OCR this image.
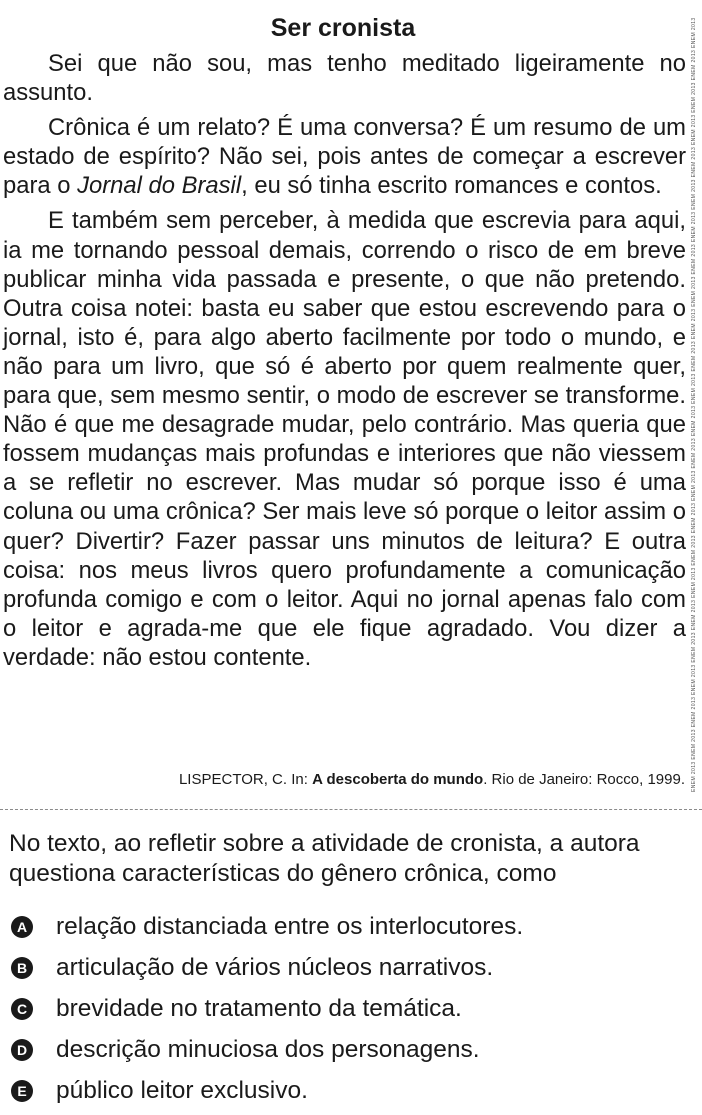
Ser cronista

Sei que não sou, mas tenho meditado ligeiramente no assunto.

Crônica é um relato? É uma conversa? É um resumo de um estado de espírito? Não sei, pois antes de começar a escrever para o Jornal do Brasil, eu só tinha escrito romances e contos.

E também sem perceber, à medida que escrevia para aqui, ia me tornando pessoal demais, correndo o risco de em breve publicar minha vida passada e presente, o que não pretendo. Outra coisa notei: basta eu saber que estou escrevendo para o jornal, isto é, para algo aberto facilmente por todo o mundo, e não para um livro, que só é aberto por quem realmente quer, para que, sem mesmo sentir, o modo de escrever se transforme. Não é que me desagrade mudar, pelo contrário. Mas queria que fossem mudanças mais profundas e interiores que não viessem a se refletir no escrever. Mas mudar só porque isso é uma coluna ou uma crônica? Ser mais leve só porque o leitor assim o quer? Divertir? Fazer passar uns minutos de leitura? E outra coisa: nos meus livros quero profundamente a comunicação profunda comigo e com o leitor. Aqui no jornal apenas falo com o leitor e agrada-me que ele fique agradado. Vou dizer a verdade: não estou contente.

LISPECTOR, C. In: A descoberta do mundo. Rio de Janeiro: Rocco, 1999. ENEM 2013 ENEM 2013 ENEM 2013 ENEM 2013 ENEM 2013 ENEM 2013 ENEM 2013 ENEM 2013 ENEM 2013 ENEM 2013 ENEM 2013 ENEM 2013 ENEM 2013 ENEM 2013 ENEM 2013 ENEM 2013 ENEM 2013 ENEM 2013 ENEM 2013 ENEM 2013 ENEM 2013 ENEM 2013 ENEM 2013 ENEM 2013
No texto, ao refletir sobre a atividade de cronista, a autora questiona características do gênero crônica, como
A relação distanciada entre os interlocutores.
B articulação de vários núcleos narrativos.
C brevidade no tratamento da temática.
D descrição minuciosa dos personagens.
E público leitor exclusivo.
